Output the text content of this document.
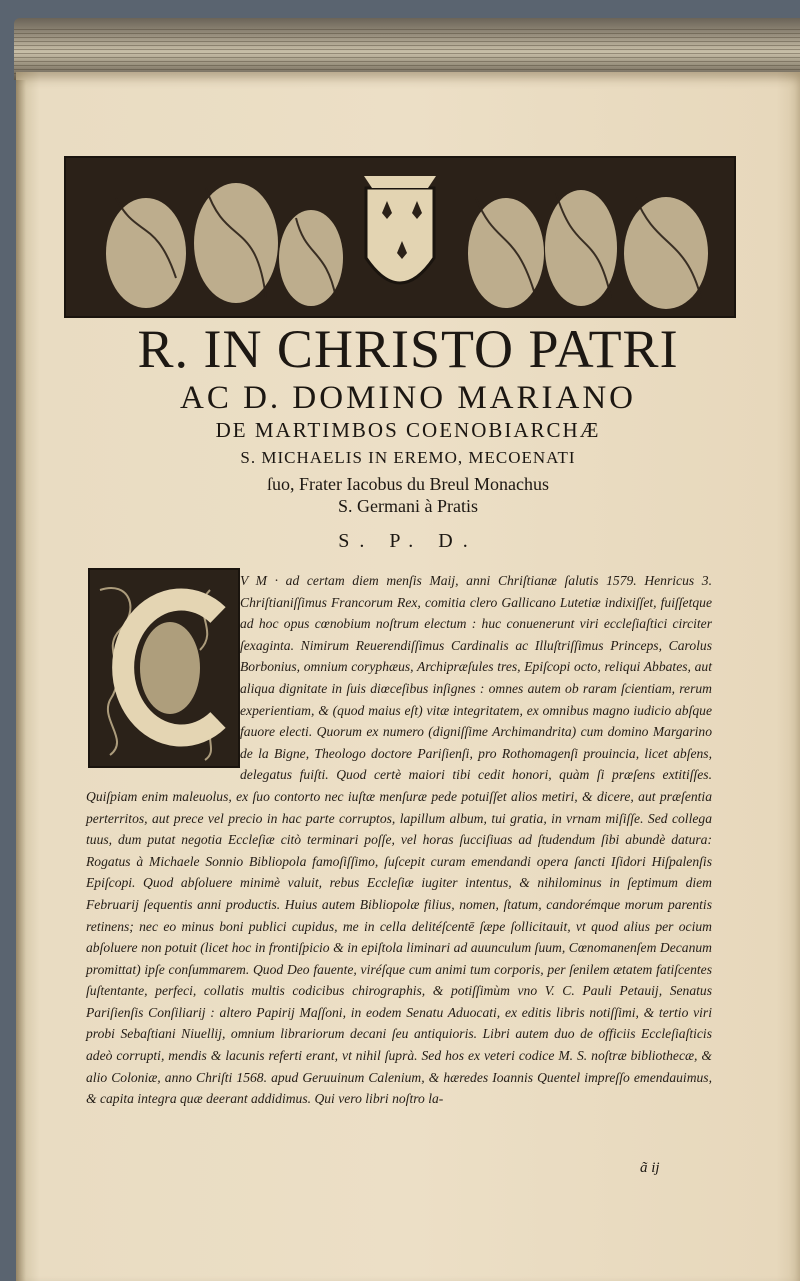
R. IN CHRISTO PATRI
AC D. DOMINO MARIANO
DE MARTIMBOS COENOBIARCHÆ
S. MICHAELIS IN EREMO, MECOENATI
ſuo, Frater Iacobus du Breul Monachus
S. Germani à Pratis
S. P. D.

V M · ad certam diem menſis Maij, anni Chriſtianæ ſalutis 1579. Henricus 3. Chriſtianiſſimus Francorum Rex, comitia clero Gallicano Lutetiæ indixiſſet, fuiſſetque ad hoc opus cœnobium noſtrum electum : huc conuenerunt viri eccleſiaſtici circiter ſexaginta. Nimirum Reuerendiſſimus Cardinalis ac Illuſtriſſimus Princeps, Carolus Borbonius, omnium coryphæus, Archipræſules tres, Epiſcopi octo, reliqui Abbates, aut aliqua dignitate in ſuis diœceſibus inſignes : omnes autem ob raram ſcientiam, rerum experientiam, & (quod maius eſt) vitæ integritatem, ex omnibus magno iudicio abſque fauore electi. Quorum ex numero (digniſſime Archimandrita) cum domino Margarino de la Bigne, Theologo doctore Pariſienſi, pro Rothomagenſi prouincia, licet abſens, delegatus fuiſti. Quod certè maiori tibi cedit honori, quàm ſi præſens extitiſſes. Quiſpiam enim maleuolus, ex ſuo contorto nec iuſtæ menſuræ pede potuiſſet alios metiri, & dicere, aut præſentia perterritos, aut prece vel precio in hac parte corruptos, lapillum album, tui gratia, in vrnam miſiſſe. Sed collega tuus, dum putat negotia Eccleſiæ citò terminari poſſe, vel horas ſucciſiuas ad ſtudendum ſibi abundè datura: Rogatus à Michaele Sonnio Bibliopola famoſiſſimo, ſuſcepit curam emendandi opera ſancti Iſidori Hiſpalenſis Epiſcopi. Quod abſoluere minimè valuit, rebus Eccleſiæ iugiter intentus, & nihilominus in ſeptimum diem Februarij ſequentis anni productis. Huius autem Bibliopolæ filius, nomen, ſtatum, candorémque morum parentis retinens; nec eo minus boni publici cupidus, me in cella delitéſcentē ſæpe ſollicitauit, vt quod alius per ocium abſoluere non potuit (licet hoc in frontiſpicio & in epiſtola liminari ad auunculum ſuum, Cœnomanenſem Decanum promittat) ipſe conſummarem. Quod Deo fauente, viréſque cum animi tum corporis, per ſenilem ætatem fatiſcentes ſuſtentante, perfeci, collatis multis codicibus chirographis, & potiſſimùm vno V. C. Pauli Petauij, Senatus Pariſienſis Conſiliarij : altero Papirij Maſſoni, in eodem Senatu Aduocati, ex editis libris notiſſimi, & tertio viri probi Sebaſtiani Niuellij, omnium librariorum decani ſeu antiquioris. Libri autem duo de officiis Eccleſiaſticis adeò corrupti, mendis & lacunis referti erant, vt nihil ſuprà. Sed hos ex veteri codice M. S. noſtræ bibliothecæ, & alio Coloniæ, anno Chriſti 1568. apud Geruuinum Calenium, & hæredes Ioannis Quentel impreſſo emendauimus, & capita integra quæ deerant addidimus. Qui vero libri noſtro la-

ã ij
